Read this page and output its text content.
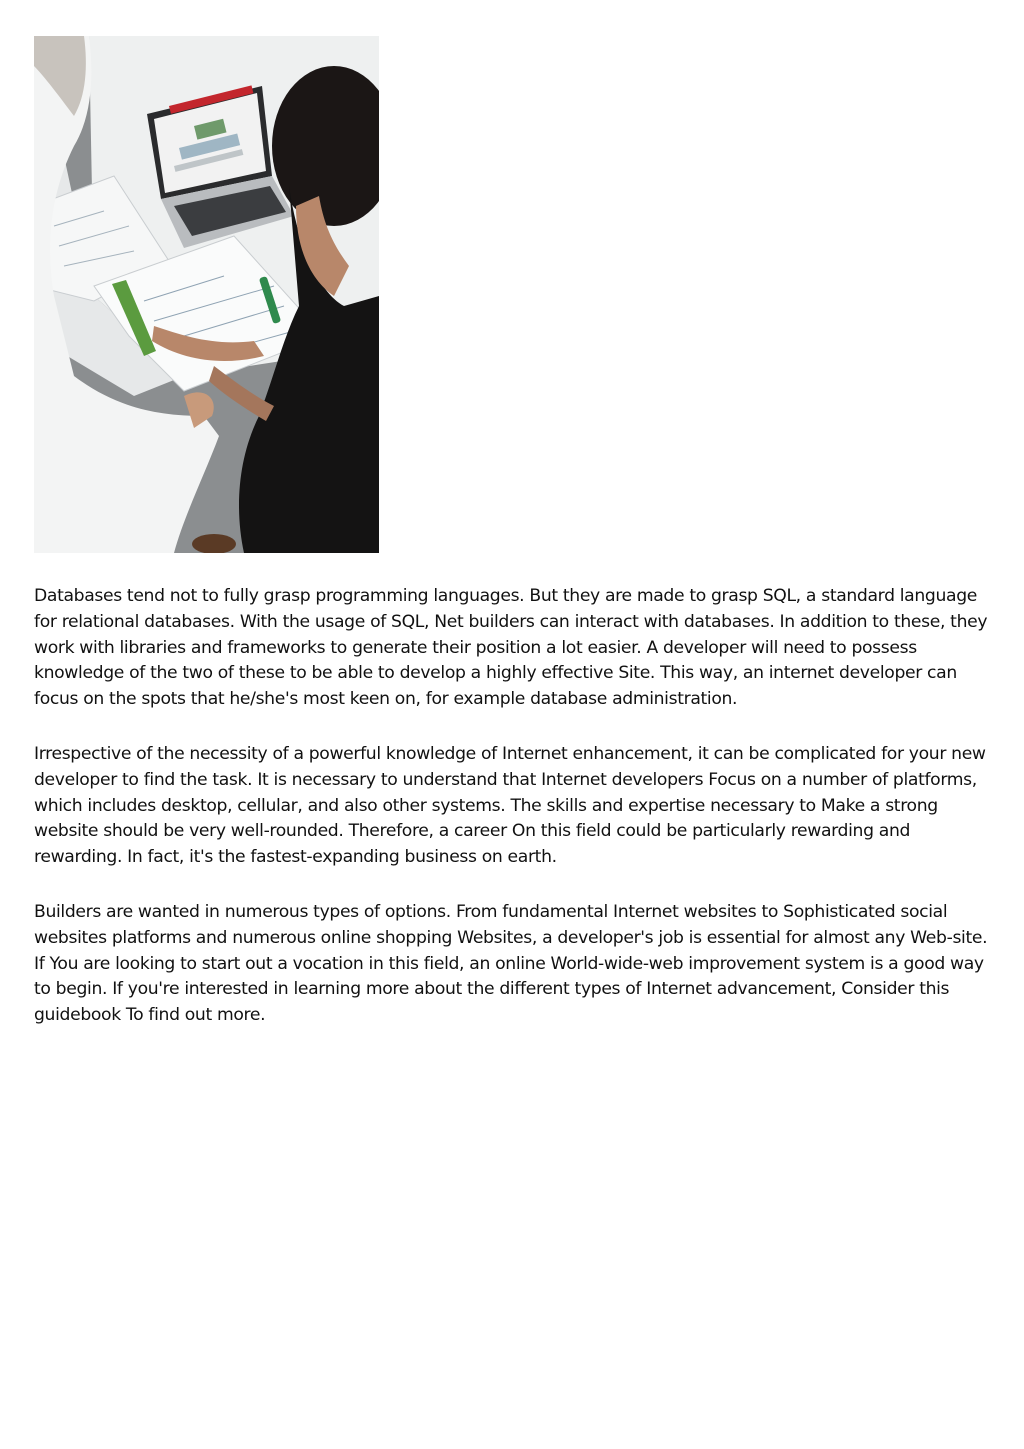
Databases tend not to fully grasp programming languages. But they are made to grasp SQL, a standard language for relational databases. With the usage of SQL, Net builders can interact with databases. In addition to these, they work with libraries and frameworks to generate their position a lot easier. A developer will need to possess knowledge of the two of these to be able to develop a highly effective Site. This way, an internet developer can focus on the spots that he/she's most keen on, for example database administration.

Irrespective of the necessity of a powerful knowledge of Internet enhancement, it can be complicated for your new developer to find the task. It is necessary to understand that Internet developers Focus on a number of platforms, which includes desktop, cellular, and also other systems. The skills and expertise necessary to Make a strong website should be very well-rounded. Therefore, a career On this field could be particularly rewarding and rewarding. In fact, it's the fastest-expanding business on earth.

Builders are wanted in numerous types of options. From fundamental Internet websites to Sophisticated social websites platforms and numerous online shopping Websites, a developer's job is essential for almost any Web-site. If You are looking to start out a vocation in this field, an online World-wide-web improvement system is a good way to begin. If you're interested in learning more about the different types of Internet advancement, Consider this guidebook To find out more.
